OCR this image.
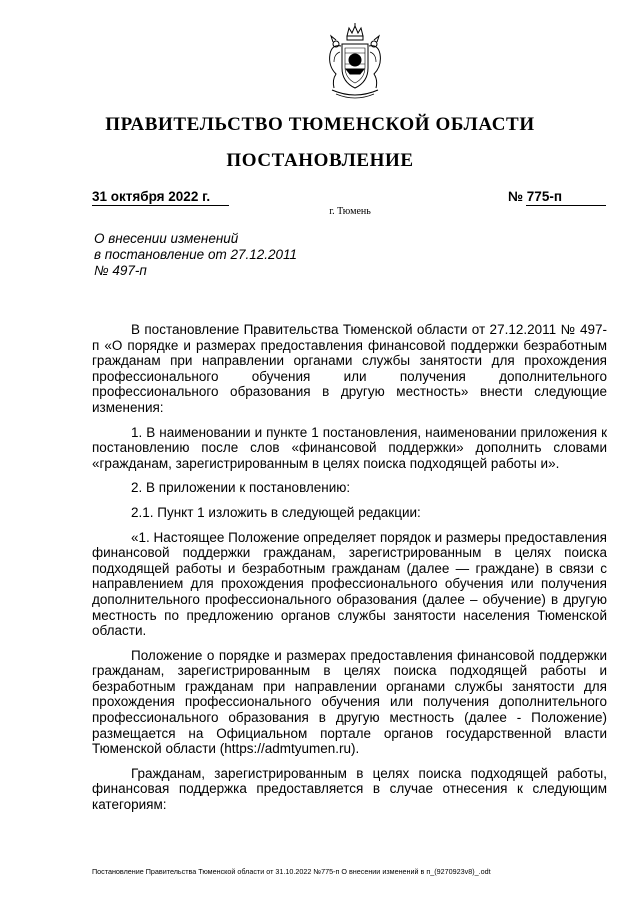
ПРАВИТЕЛЬСТВО ТЮМЕНСКОЙ ОБЛАСТИ
ПОСТАНОВЛЕНИЕ
31 октября 2022 г.	№ 775-п
г. Тюмень
О внесении изменений
в постановление от 27.12.2011
№ 497-п

В постановление Правительства Тюменской области от 27.12.2011 № 497-п «О порядке и размерах предоставления финансовой поддержки безработным гражданам при направлении органами службы занятости для прохождения профессионального обучения или получения дополнительного профессионального образования в другую местность» внести следующие изменения:

1. В наименовании и пункте 1 постановления, наименовании приложения к постановлению после слов «финансовой поддержки» дополнить словами «гражданам, зарегистрированным в целях поиска подходящей работы и».

2. В приложении к постановлению:

2.1. Пункт 1 изложить в следующей редакции:

«1. Настоящее Положение определяет порядок и размеры предоставления финансовой поддержки гражданам, зарегистрированным в целях поиска подходящей работы и безработным гражданам (далее — граждане) в связи с направлением для прохождения профессионального обучения или получения дополнительного профессионального образования (далее – обучение) в другую местность по предложению органов службы занятости населения Тюменской области.

Положение о порядке и размерах предоставления финансовой поддержки гражданам, зарегистрированным в целях поиска подходящей работы и безработным гражданам при направлении органами службы занятости для прохождения профессионального обучения или получения дополнительного профессионального образования в другую местность (далее - Положение) размещается на Официальном портале органов государственной власти Тюменской области (https://admtyumen.ru).

Гражданам, зарегистрированным в целях поиска подходящей работы, финансовая поддержка предоставляется в случае отнесения к следующим категориям:

Постановление Правительства Тюменской области от 31.10.2022 №775-п О внесении изменений в п_(9270923v8)_.odt
